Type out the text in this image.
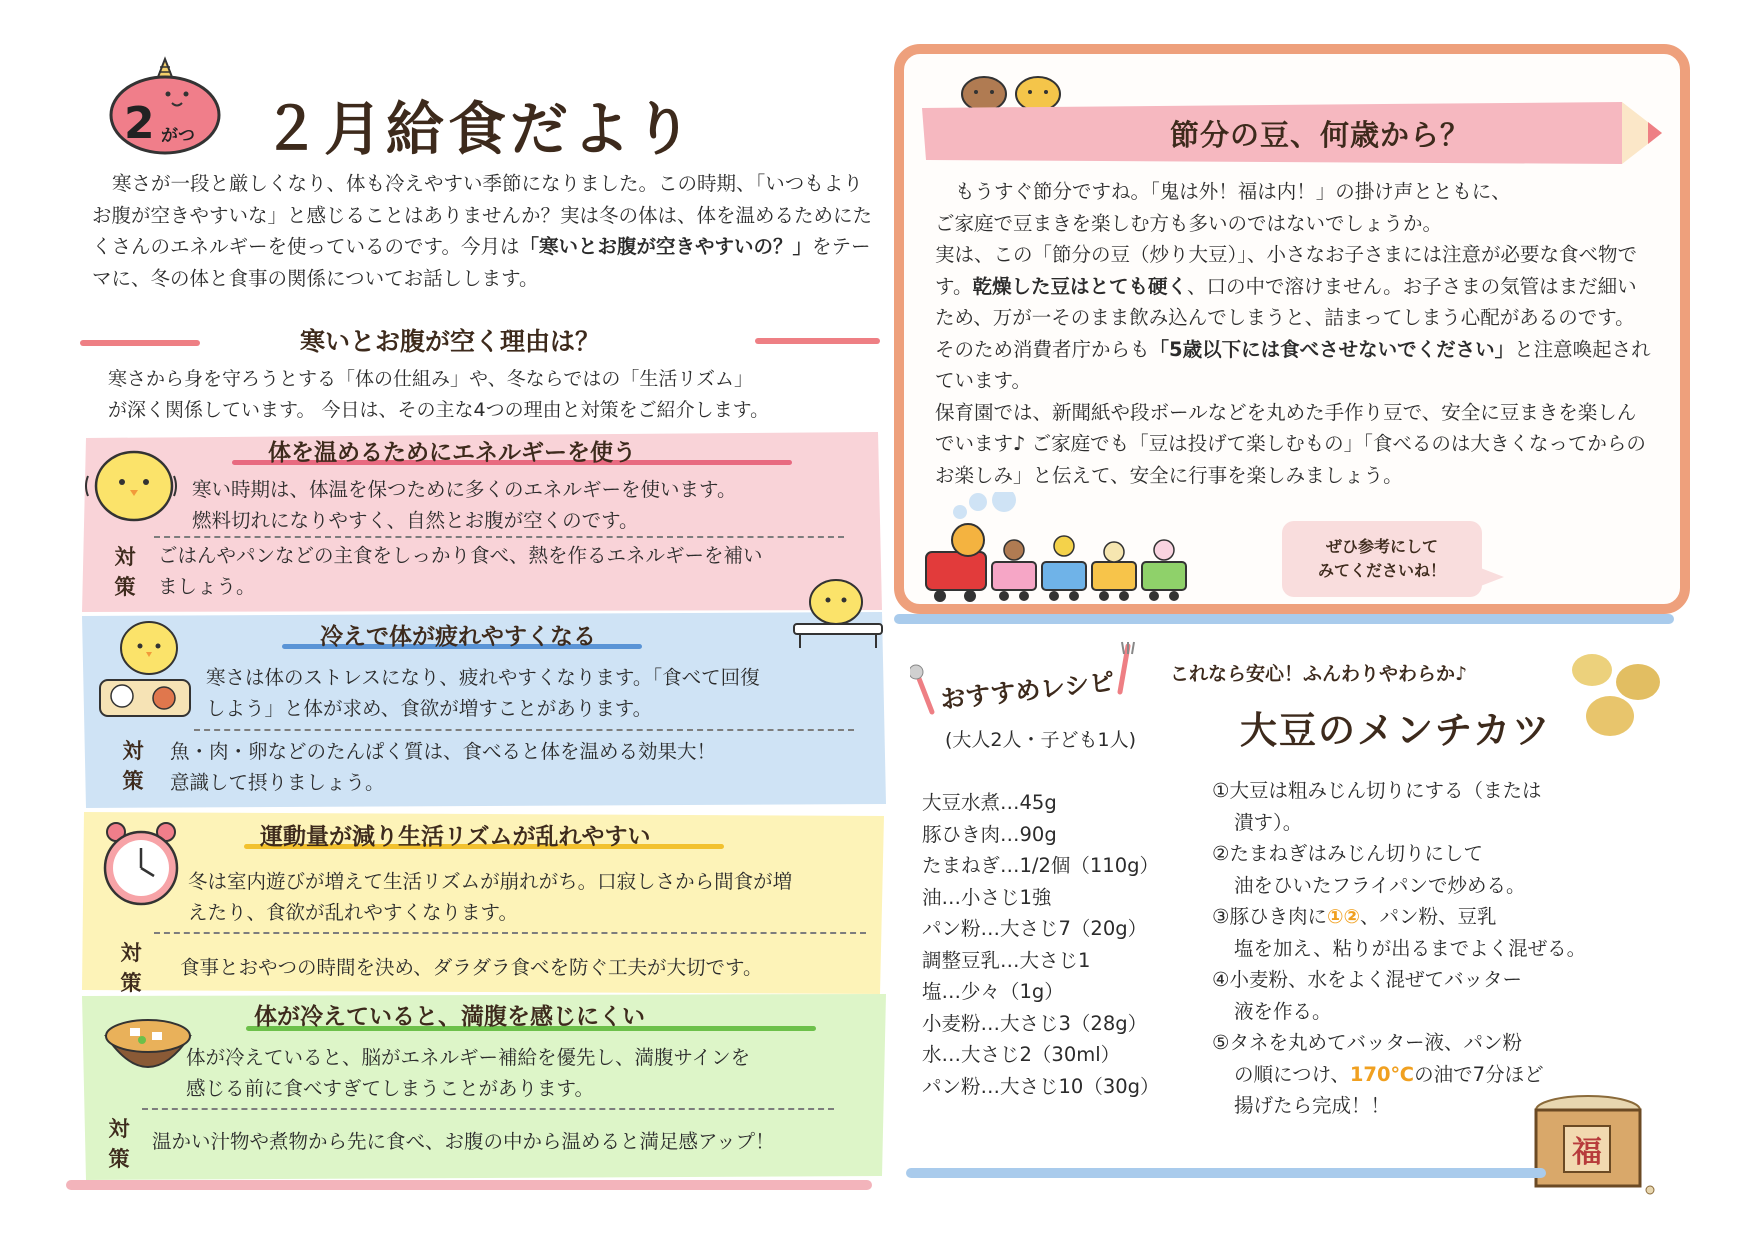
2 がつ ２月給食だより
寒さが一段と厳しくなり、体も冷えやすい季節になりました。この時期、「いつもよりお腹が空きやすいな」と感じることはありませんか？実は冬の体は、体を温めるためにたくさんのエネルギーを使っているのです。今月は「寒いとお腹が空きやすいの？」をテーマに、冬の体と食事の関係についてお話しします。
寒いとお腹が空く理由は？
寒さから身を守ろうとする「体の仕組み」や、冬ならではの「生活リズム」
が深く関係しています。 今日は、その主な4つの理由と対策をご紹介します。
体を温めるためにエネルギーを使う
寒い時期は、体温を保つために多くのエネルギーを使います。
燃料切れになりやすく、自然とお腹が空くのです。
対
策
ごはんやパンなどの主食をしっかり食べ、熱を作るエネルギーを補い
ましょう。
冷えで体が疲れやすくなる
寒さは体のストレスになり、疲れやすくなります。「食べて回復
しよう」と体が求め、食欲が増すことがあります。
対
策
魚・肉・卵などのたんぱく質は、食べると体を温める効果大！
意識して摂りましょう。
運動量が減り生活リズムが乱れやすい
冬は室内遊びが増えて生活リズムが崩れがち。口寂しさから間食が増
えたり、食欲が乱れやすくなります。
対
策
食事とおやつの時間を決め、ダラダラ食べを防ぐ工夫が大切です。
体が冷えていると、満腹を感じにくい
体が冷えていると、脳がエネルギー補給を優先し、満腹サインを
感じる前に食べすぎてしまうことがあります。
対
策
温かい汁物や煮物から先に食べ、お腹の中から温めると満足感アップ！
節分の豆、何歳から？

もうすぐ節分ですね。「鬼は外！福は内！」の掛け声とともに、

ご家庭で豆まきを楽しむ方も多いのではないでしょうか。

実は、この「節分の豆（炒り大豆）」、小さなお子さまには注意が必要な食べ物です。乾燥した豆はとても硬く、口の中で溶けません。お子さまの気管はまだ細いため、万が一そのまま飲み込んでしまうと、詰まってしまう心配があるのです。 そのため消費者庁からも「5歳以下には食べさせないでください」と注意喚起されています。

保育園では、新聞紙や段ボールなどを丸めた手作り豆で、安全に豆まきを楽しんでいます♪ ご家庭でも「豆は投げて楽しむもの」「食べるのは大きくなってからのお楽しみ」と伝えて、安全に行事を楽しみましょう。

ぜひ参考にして
みてくださいね！
おすすめレシピ
(大人2人・子ども1人)
これなら安心！ふんわりやわらか♪
大豆のメンチカツ
大豆水煮…45g
豚ひき肉…90g
たまねぎ…1/2個（110g）
油…小さじ1強
パン粉…大さじ7（20g）
調整豆乳…大さじ1
塩…少々（1g）
小麦粉…大さじ3（28g）
水…大さじ2（30ml）
パン粉…大さじ10（30g）
①大豆は粗みじん切りにする（または
潰す）。
②たまねぎはみじん切りにして
油をひいたフライパンで炒める。
③豚ひき肉に①②、パン粉、豆乳
塩を加え、粘りが出るまでよく混ぜる。
④小麦粉、水をよく混ぜてバッター
液を作る。
⑤タネを丸めてバッター液、パン粉
の順につけ、170℃の油で7分ほど
揚げたら完成！！
福
